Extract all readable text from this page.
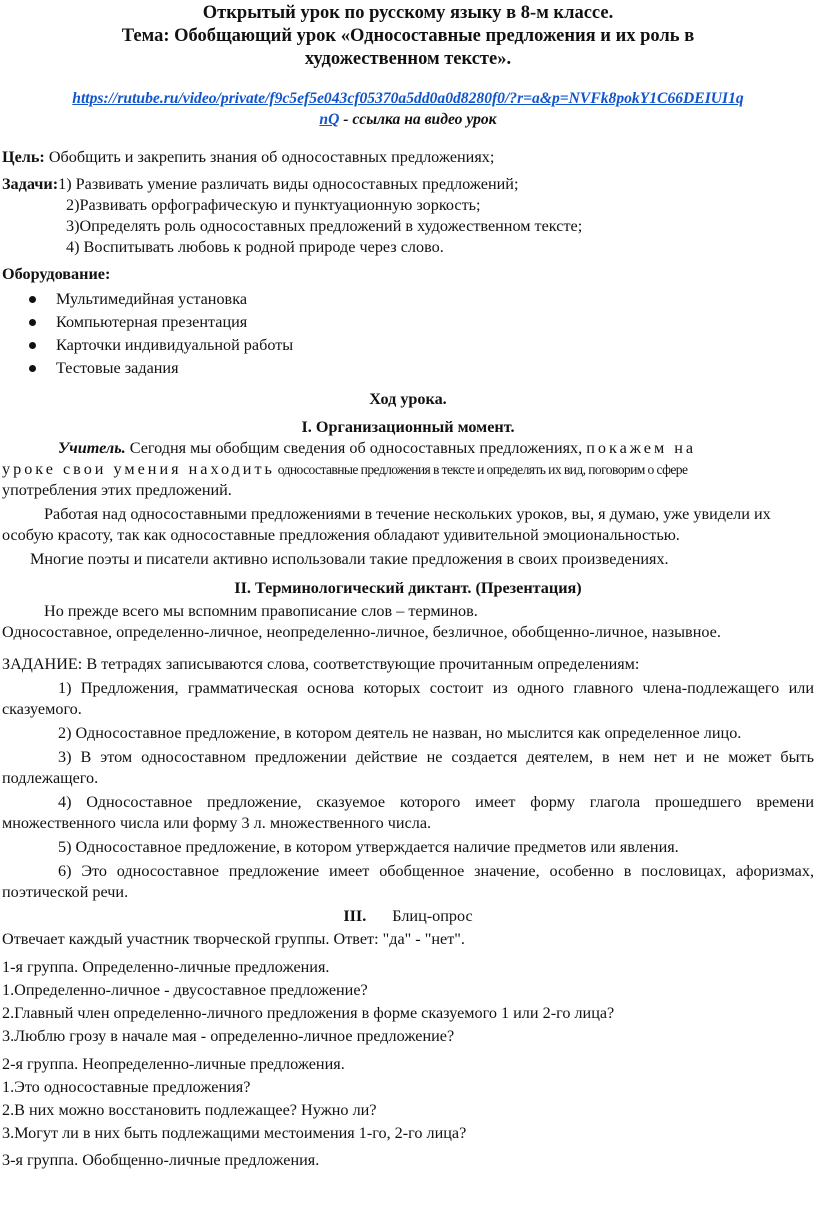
Открытый урок по русскому языку в 8-м классе.
Тема: Обобщающий урок «Односоставные предложения и их роль в
художественном тексте».
https://rutube.ru/video/private/f9c5ef5e043cf05370a5dd0a0d8280f0/?r=a&p=NVFk8pokY1C66DEIUI1q
nQ - ссылка на видео урок

Цель: Обобщить и закрепить знания об односоставных предложениях;

Задачи:1) Развивать умение различать виды односоставных предложений;
2)Развивать орфографическую и пунктуационную зоркость;
3)Определять роль односоставных предложений в художественном тексте;
4) Воспитывать любовь к родной природе через слово.
Оборудование:
Мультимедийная установка
Компьютерная презентация
Карточки индивидуальной работы
Тестовые задания
Ход урока.
I. Организационный момент.

Учитель. Сегодня мы обобщим сведения об односоставных предложениях, покажем на

уроке свои умения находить односоставные предложения в тексте и определять их вид, поговорим о сфере

употребления этих предложений.

Работая над односоставными предложениями в течение нескольких уроков, вы, я думаю, уже увидели их особую красоту, так как односоставные предложения обладают удивительной эмоциональностью.

Многие поэты и писатели активно использовали такие предложения в своих произведениях.

II. Терминологический диктант. (Презентация)

Но прежде всего мы вспомним правописание слов – терминов.

Односоставное, определенно-личное, неопределенно-личное, безличное, обобщенно-личное, назывное.

ЗАДАНИЕ: В тетрадях записываются слова, соответствующие прочитанным определениям:

1) Предложения, грамматическая основа которых состоит из одного главного члена-подлежащего или сказуемого.

2) Односоставное предложение, в котором деятель не назван, но мыслится как определенное лицо.

3) В этом односоставном предложении действие не создается деятелем, в нем нет и не может быть подлежащего.

4) Односоставное предложение, сказуемое которого имеет форму глагола прошедшего времени множественного числа или форму 3 л. множественного числа.

5) Односоставное предложение, в котором утверждается наличие предметов или явления.

6) Это односоставное предложение имеет обобщенное значение, особенно в пословицах, афоризмах, поэтической речи.

III. Блиц-опрос

Отвечает каждый участник творческой группы. Ответ: "да" - "нет".

1-я группа. Определенно-личные предложения.

1.Определенно-личное - двусоставное предложение?

2.Главный член определенно-личного предложения в форме сказуемого 1 или 2-го лица?

3.Люблю грозу в начале мая - определенно-личное предложение?

2-я группа. Неопределенно-личные предложения.

1.Это односоставные предложения?

2.В них можно восстановить подлежащее? Нужно ли?

3.Могут ли в них быть подлежащими местоимения 1-го, 2-го лица?

3-я группа. Обобщенно-личные предложения.
